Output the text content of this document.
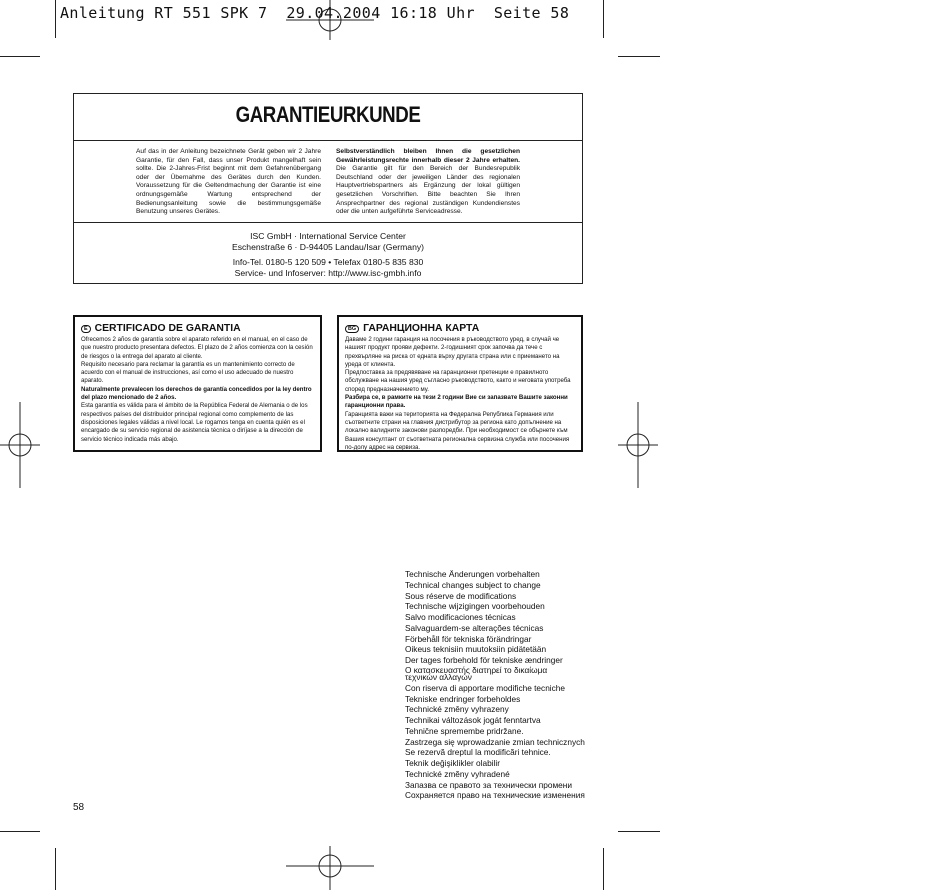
Anleitung RT 551 SPK 7  29.04.2004 16:18 Uhr  Seite 58
GARANTIEURKUNDE

Auf das in der Anleitung bezeichnete Gerät geben wir 2 Jahre Garantie, für den Fall, dass unser Produkt mangelhaft sein sollte. Die 2-Jahres-Frist beginnt mit dem Gefahrenübergang oder der Übernahme des Gerätes durch den Kunden. Voraussetzung für die Geltendmachung der Garantie ist eine ordnungsgemäße Wartung entsprechend der Bedienungsanleitung sowie die bestimmungsgemäße Benutzung unseres Gerätes.

Selbstverständlich bleiben Ihnen die gesetzlichen Gewährleistungsrechte innerhalb dieser 2 Jahre erhalten. Die Garantie gilt für den Bereich der Bundesrepublik Deutschland oder der jeweiligen Länder des regionalen Hauptvertriebspartners als Ergänzung der lokal gültigen gesetzlichen Vorschriften. Bitte beachten Sie Ihren Ansprechpartner des regional zuständigen Kundendienstes oder die unten aufgeführte Serviceadresse.

ISC GmbH · International Service Center

Eschenstraße 6 · D-94405 Landau/Isar (Germany)

Info-Tel. 0180-5 120 509 • Telefax 0180-5 835 830

Service- und Infoserver: http://www.isc-gmbh.info

E CERTIFICADO DE GARANTIA

Ofrecemos 2 años de garantía sobre el aparato referido en el manual, en el caso de que nuestro producto presentara defectos. El plazo de 2 años comienza con la cesión de riesgos o la entrega del aparato al cliente.

Requisito necesario para reclamar la garantía es un mantenimiento correcto de acuerdo con el manual de instrucciones, así como el uso adecuado de nuestro aparato.

Naturalmente prevalecen los derechos de garantía concedidos por la ley dentro del plazo mencionado de 2 años.

Esta garantía es válida para el ámbito de la República Federal de Alemania o de los respectivos países del distribuidor principal regional como complemento de las disposiciones legales válidas a nivel local. Le rogamos tenga en cuenta quién es el encargado de su servicio regional de asistencia técnica o diríjase a la dirección de servicio técnico indicada más abajo.

BG ГАРАНЦИОННА КАРТА

Даваме 2 години гаранция на посочения в ръководството уред, в случай че нашият продукт прояви дефекти. 2-годишният срок започва да тече с прехвърляне на риска от едната върху другата страна или с приемането на уреда от клиента.

Предпоставка за предявяване на гаранционни претенции е правилното обслужване на нашия уред съгласно ръководството, както и неговата употреба според предназначението му.

Разбира се, в рамките на тези 2 години Вие си запазвате Вашите законни гаранционни права.

Гаранцията важи на територията на Федерална Република Германия или съответните страни на главния дистрибутор за региона като допълнение на локално валидните законови разпоредби. При необходимост се обърнете към Вашия консултант от съответната регионална сервизна служба или посочения по-долу адрес на сервиза.

Technische Änderungen vorbehalten
Technical changes subject to change
Sous réserve de modifications
Technische wijzigingen voorbehouden
Salvo modificaciones técnicas
Salvaguardem-se alterações técnicas
Förbehåll för tekniska förändringar
Oikeus teknisiin muutoksiin pidätetään
Der tages forbehold för tekniske ændringer
Ο κατασκευαστής διατηρεί το δικαίωμα τεχνικών αλλαγών
Con riserva di apportare modifiche tecniche
Tekniske endringer forbeholdes
Technické změny vyhrazeny
Technikai változások jogát fenntartva
Tehnične spremembe pridržane.
Zastrzega się wprowadzanie zmian technicznych
Se rezervă dreptul la modificări tehnice.
Teknik değişiklikler olabilir
Technické zmĕny vyhradené
Запазва се правото за технически промени
Сохраняется право на технические изменения
58
